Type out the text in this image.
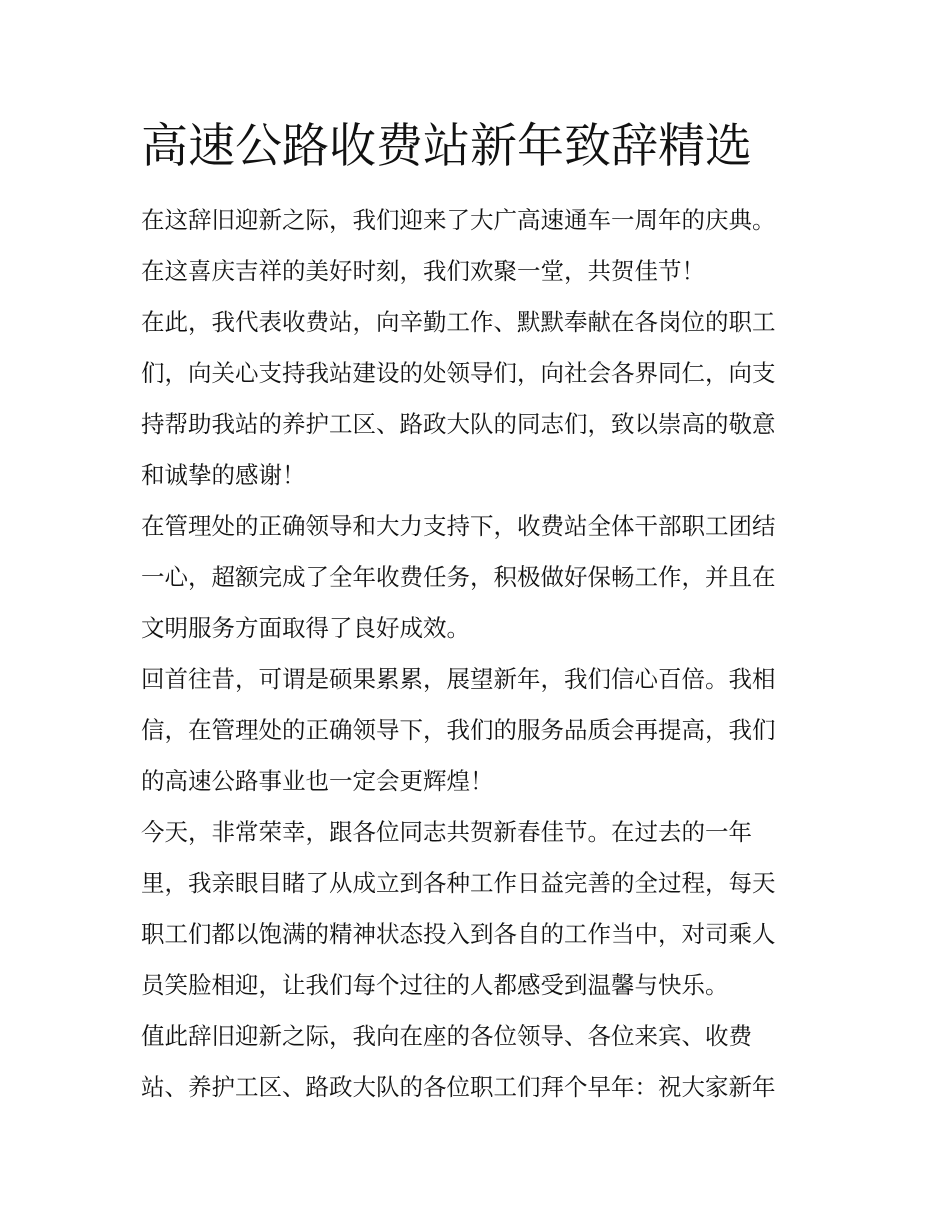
高速公路收费站新年致辞精选

在这辞旧迎新之际，我们迎来了大广高速通车一周年的庆典。

在这喜庆吉祥的美好时刻，我们欢聚一堂，共贺佳节！

在此，我代表收费站，向辛勤工作、默默奉献在各岗位的职工

们，向关心支持我站建设的处领导们，向社会各界同仁，向支

持帮助我站的养护工区、路政大队的同志们，致以崇高的敬意

和诚挚的感谢！

在管理处的正确领导和大力支持下，收费站全体干部职工团结

一心，超额完成了全年收费任务，积极做好保畅工作，并且在

文明服务方面取得了良好成效。

回首往昔，可谓是硕果累累，展望新年，我们信心百倍。我相

信，在管理处的正确领导下，我们的服务品质会再提高，我们

的高速公路事业也一定会更辉煌！

今天，非常荣幸，跟各位同志共贺新春佳节。在过去的一年

里，我亲眼目睹了从成立到各种工作日益完善的全过程，每天

职工们都以饱满的精神状态投入到各自的工作当中，对司乘人

员笑脸相迎，让我们每个过往的人都感受到温馨与快乐。

值此辞旧迎新之际，我向在座的各位领导、各位来宾、收费

站、养护工区、路政大队的各位职工们拜个早年：祝大家新年
